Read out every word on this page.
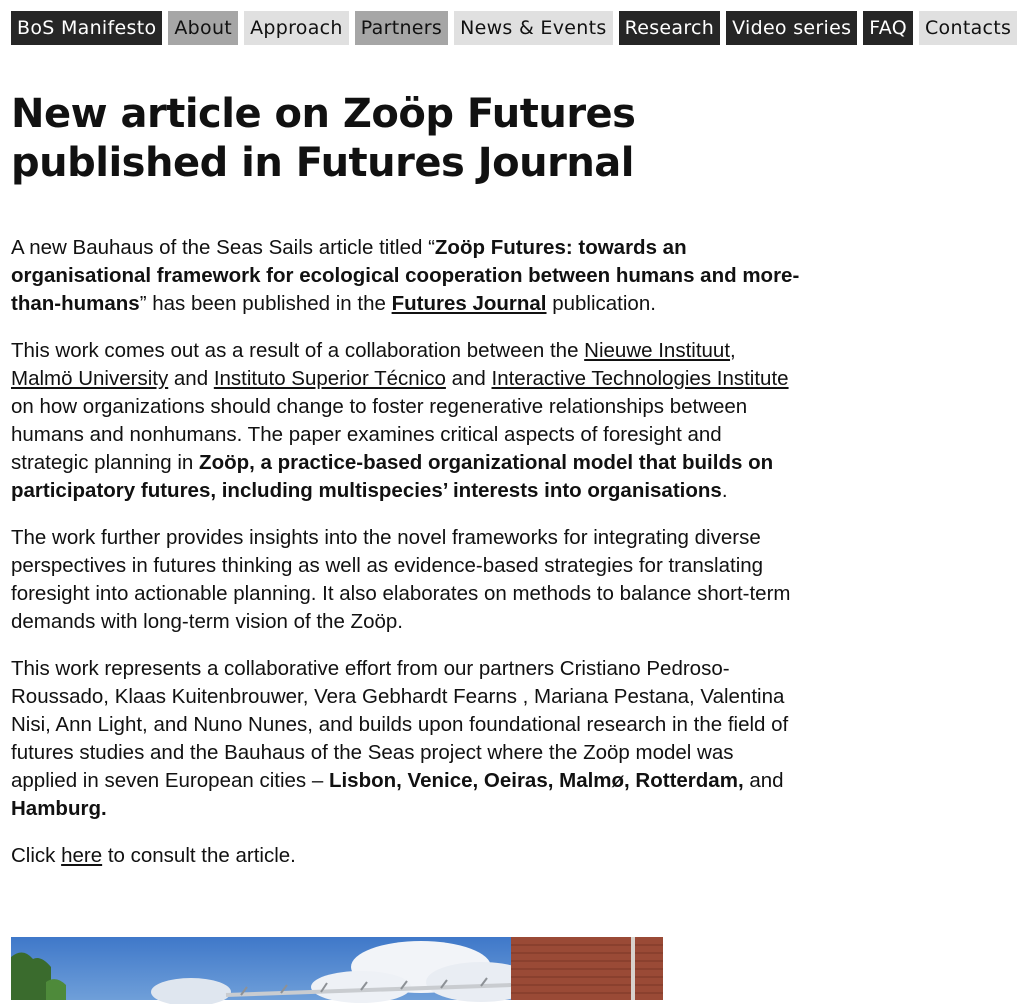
BoS Manifesto About Approach Partners News & Events Research Video series FAQ Contacts
New article on Zoöp Futures published in Futures Journal

A new Bauhaus of the Seas Sails article titled “Zoöp Futures: towards an organisational framework for ecological cooperation between humans and more-than-humans” has been published in the Futures Journal publication.

This work comes out as a result of a collaboration between the Nieuwe Instituut, Malmö University and Instituto Superior Técnico and Interactive Technologies Institute on how organizations should change to foster regenerative relationships between humans and nonhumans. The paper examines critical aspects of foresight and strategic planning in Zoöp, a practice-based organizational model that builds on participatory futures, including multispecies’ interests into organisations.

The work further provides insights into the novel frameworks for integrating diverse perspectives in futures thinking as well as evidence-based strategies for translating foresight into actionable planning. It also elaborates on methods to balance short-term demands with long-term vision of the Zoöp.

This work represents a collaborative effort from our partners Cristiano Pedroso-Roussado, Klaas Kuitenbrouwer, Vera Gebhardt Fearns , Mariana Pestana, Valentina Nisi, Ann Light, and Nuno Nunes, and builds upon foundational research in the field of futures studies and the Bauhaus of the Seas project where the Zoöp model was applied in seven European cities – Lisbon, Venice, Oeiras, Malmø, Rotterdam, and Hamburg.

Click here to consult the article.
